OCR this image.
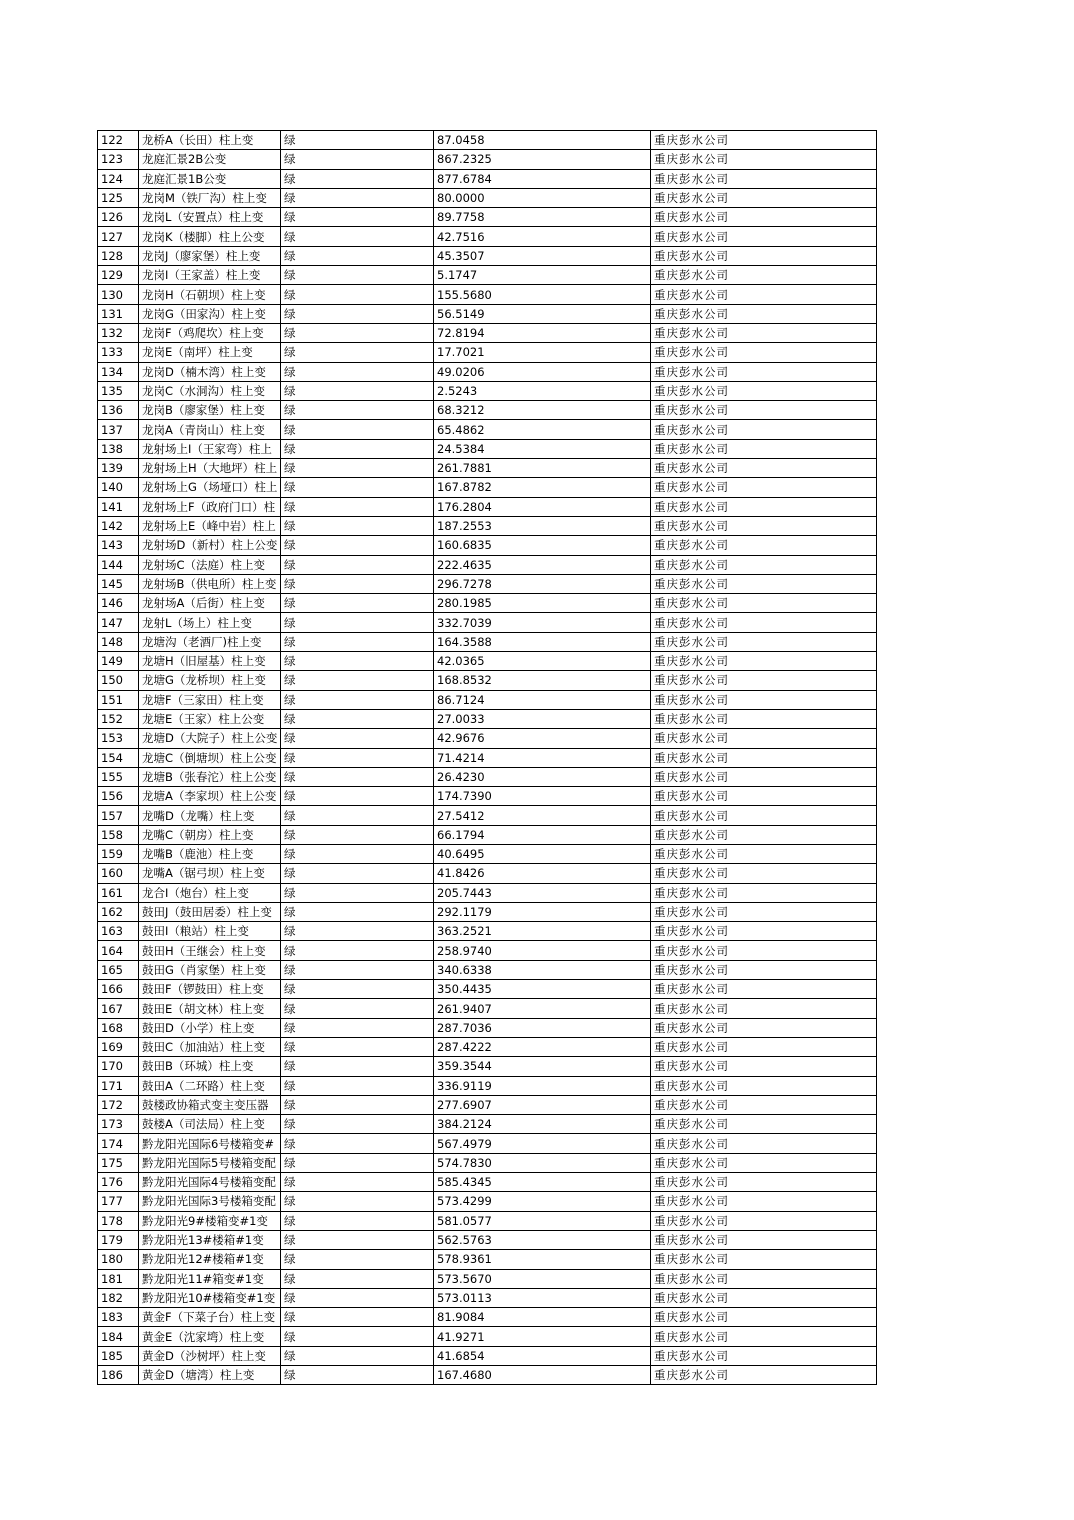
122	龙桥A（长田）柱上变	绿	87.0458	重庆彭水公司
123	龙庭汇景2B公变	绿	867.2325	重庆彭水公司
124	龙庭汇景1B公变	绿	877.6784	重庆彭水公司
125	龙岗M（铁厂沟）柱上变	绿	80.0000	重庆彭水公司
126	龙岗L（安置点）柱上变	绿	89.7758	重庆彭水公司
127	龙岗K（楼脚）柱上公变	绿	42.7516	重庆彭水公司
128	龙岗J（廖家堡）柱上变	绿	45.3507	重庆彭水公司
129	龙岗I（王家盖）柱上变	绿	5.1747	重庆彭水公司
130	龙岗H（石朝坝）柱上变	绿	155.5680	重庆彭水公司
131	龙岗G（田家沟）柱上变	绿	56.5149	重庆彭水公司
132	龙岗F（鸡爬坎）柱上变	绿	72.8194	重庆彭水公司
133	龙岗E（南坪）柱上变	绿	17.7021	重庆彭水公司
134	龙岗D（楠木湾）柱上变	绿	49.0206	重庆彭水公司
135	龙岗C（水洞沟）柱上变	绿	2.5243	重庆彭水公司
136	龙岗B（廖家堡）柱上变	绿	68.3212	重庆彭水公司
137	龙岗A（青岗山）柱上变	绿	65.4862	重庆彭水公司
138	龙射场上I（王家弯）柱上	绿	24.5384	重庆彭水公司
139	龙射场上H（大地坪）柱上	绿	261.7881	重庆彭水公司
140	龙射场上G（场垭口）柱上	绿	167.8782	重庆彭水公司
141	龙射场上F（政府门口）柱	绿	176.2804	重庆彭水公司
142	龙射场上E（峰中岩）柱上	绿	187.2553	重庆彭水公司
143	龙射场D（新村）柱上公变	绿	160.6835	重庆彭水公司
144	龙射场C（法庭）柱上变	绿	222.4635	重庆彭水公司
145	龙射场B（供电所）柱上变	绿	296.7278	重庆彭水公司
146	龙射场A（后街）柱上变	绿	280.1985	重庆彭水公司
147	龙射L（场上）柱上变	绿	332.7039	重庆彭水公司
148	龙塘沟（老酒厂)柱上变	绿	164.3588	重庆彭水公司
149	龙塘H（旧屋基）柱上变	绿	42.0365	重庆彭水公司
150	龙塘G（龙桥坝）柱上变	绿	168.8532	重庆彭水公司
151	龙塘F（三家田）柱上变	绿	86.7124	重庆彭水公司
152	龙塘E（王家）柱上公变	绿	27.0033	重庆彭水公司
153	龙塘D（大院子）柱上公变	绿	42.9676	重庆彭水公司
154	龙塘C（倒塘坝）柱上公变	绿	71.4214	重庆彭水公司
155	龙塘B（张春沱）柱上公变	绿	26.4230	重庆彭水公司
156	龙塘A（李家坝）柱上公变	绿	174.7390	重庆彭水公司
157	龙嘴D（龙嘴）柱上变	绿	27.5412	重庆彭水公司
158	龙嘴C（朝房）柱上变	绿	66.1794	重庆彭水公司
159	龙嘴B（鹿池）柱上变	绿	40.6495	重庆彭水公司
160	龙嘴A（锯弓坝）柱上变	绿	41.8426	重庆彭水公司
161	龙合I（炮台）柱上变	绿	205.7443	重庆彭水公司
162	鼓田J（鼓田居委）柱上变	绿	292.1179	重庆彭水公司
163	鼓田I（粮站）柱上变	绿	363.2521	重庆彭水公司
164	鼓田H（王继会）柱上变	绿	258.9740	重庆彭水公司
165	鼓田G（肖家堡）柱上变	绿	340.6338	重庆彭水公司
166	鼓田F（锣鼓田）柱上变	绿	350.4435	重庆彭水公司
167	鼓田E（胡文林）柱上变	绿	261.9407	重庆彭水公司
168	鼓田D（小学）柱上变	绿	287.7036	重庆彭水公司
169	鼓田C（加油站）柱上变	绿	287.4222	重庆彭水公司
170	鼓田B（环城）柱上变	绿	359.3544	重庆彭水公司
171	鼓田A（二环路）柱上变	绿	336.9119	重庆彭水公司
172	鼓楼政协箱式变主变压器	绿	277.6907	重庆彭水公司
173	鼓楼A（司法局）柱上变	绿	384.2124	重庆彭水公司
174	黔龙阳光国际6号楼箱变#	绿	567.4979	重庆彭水公司
175	黔龙阳光国际5号楼箱变配	绿	574.7830	重庆彭水公司
176	黔龙阳光国际4号楼箱变配	绿	585.4345	重庆彭水公司
177	黔龙阳光国际3号楼箱变配	绿	573.4299	重庆彭水公司
178	黔龙阳光9#楼箱变#1变	绿	581.0577	重庆彭水公司
179	黔龙阳光13#楼箱#1变	绿	562.5763	重庆彭水公司
180	黔龙阳光12#楼箱#1变	绿	578.9361	重庆彭水公司
181	黔龙阳光11#箱变#1变	绿	573.5670	重庆彭水公司
182	黔龙阳光10#楼箱变#1变	绿	573.0113	重庆彭水公司
183	黄金F（下菜子台）柱上变	绿	81.9084	重庆彭水公司
184	黄金E（沈家塆）柱上变	绿	41.9271	重庆彭水公司
185	黄金D（沙树坪）柱上变	绿	41.6854	重庆彭水公司
186	黄金D（塘湾）柱上变	绿	167.4680	重庆彭水公司
